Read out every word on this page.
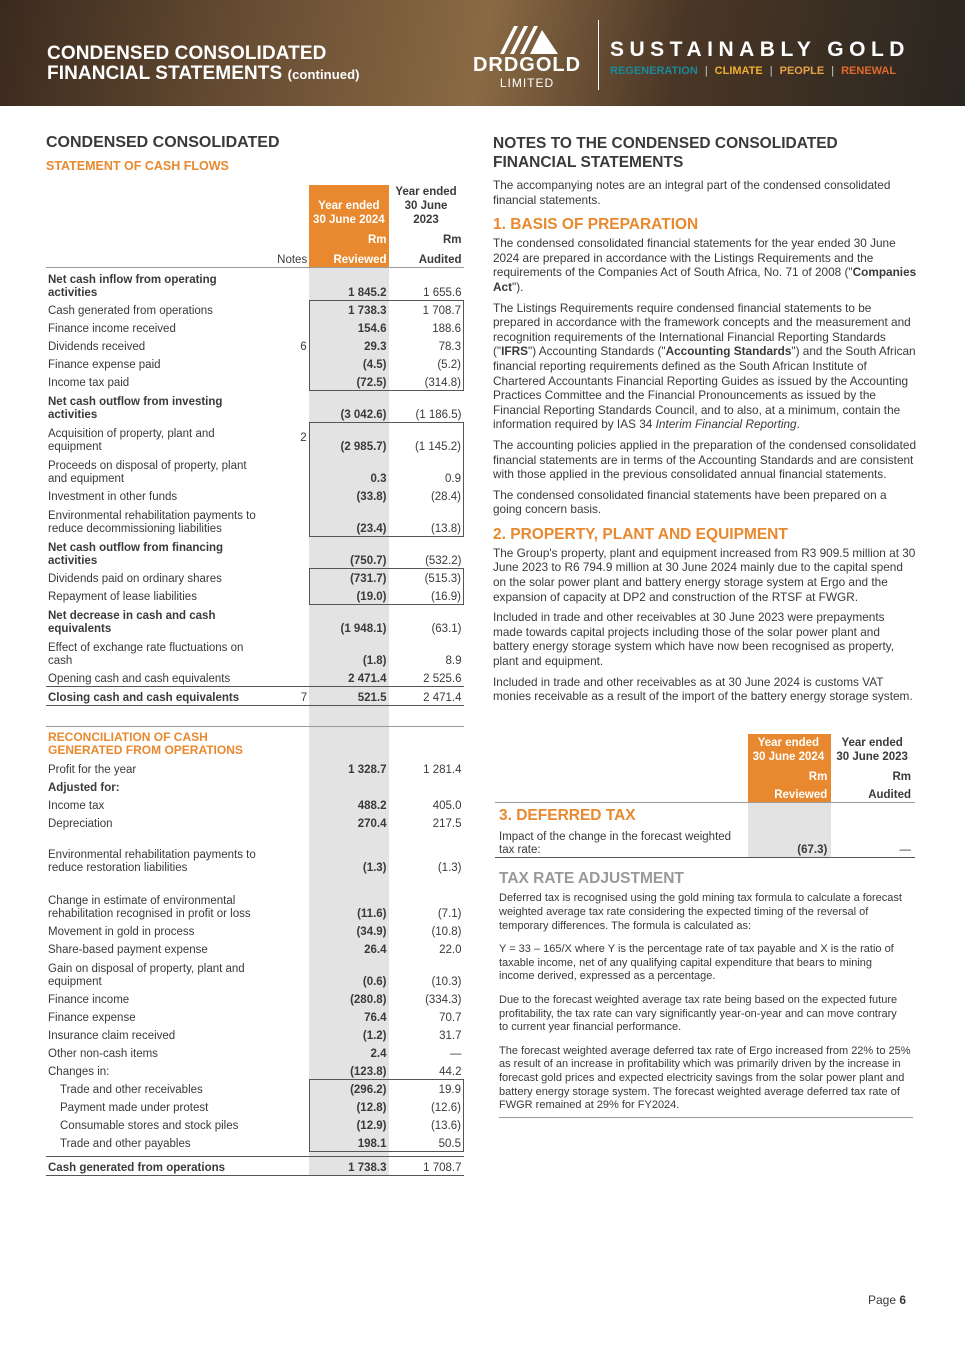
CONDENSED CONSOLIDATED
FINANCIAL STATEMENTS (continued)	DRDGOLD
LIMITED
SUSTAINABLY GOLD
REGENERATION | CLIMATE | PEOPLE | RENEWAL
CONDENSED CONSOLIDATED
STATEMENT OF CASH FLOWS
		Year ended
30 June 2024	Year ended
30 June 2023
		Rm	Rm
	Notes	Reviewed	Audited
Net cash inflow from operating activities		1 845.2	1 655.6
Cash generated from operations		1 738.3	1 708.7
Finance income received		154.6	188.6
Dividends received	6	29.3	78.3
Finance expense paid		(4.5)	(5.2)
Income tax paid		(72.5)	(314.8)
Net cash outflow from investing activities		(3 042.6)	(1 186.5)
Acquisition of property, plant and equipment	2	(2 985.7)	(1 145.2)
Proceeds on disposal of property, plant and equipment		0.3	0.9
Investment in other funds		(33.8)	(28.4)
Environmental rehabilitation payments to reduce decommissioning liabilities		(23.4)	(13.8)
Net cash outflow from financing activities		(750.7)	(532.2)
Dividends paid on ordinary shares		(731.7)	(515.3)
Repayment of lease liabilities		(19.0)	(16.9)
Net decrease in cash and cash equivalents		(1 948.1)	(63.1)
Effect of exchange rate fluctuations on cash		(1.8)	8.9
Opening cash and cash equivalents		2 471.4	2 525.6
Closing cash and cash equivalents	7	521.5	2 471.4

RECONCILIATION OF CASH GENERATED FROM OPERATIONS			

Profit for the year		1 328.7	1 281.4
Adjusted for:			
Income tax		488.2	405.0
Depreciation		270.4	217.5
Environmental rehabilitation payments to reduce restoration liabilities		(1.3)	(1.3)
Change in estimate of environmental rehabilitation recognised in profit or loss		(11.6)	(7.1)
Movement in gold in process		(34.9)	(10.8)
Share-based payment expense		26.4	22.0
Gain on disposal of property, plant and equipment		(0.6)	(10.3)
Finance income		(280.8)	(334.3)
Finance expense		76.4	70.7
Insurance claim received		(1.2)	31.7
Other non-cash items		2.4	—
Changes in:		(123.8)	44.2
Trade and other receivables		(296.2)	19.9
Payment made under protest		(12.8)	(12.6)
Consumable stores and stock piles		(12.9)	(13.6)
Trade and other payables		198.1	50.5

Cash generated from operations		1 738.3	1 708.7
NOTES TO THE CONDENSED CONSOLIDATED
FINANCIAL STATEMENTS

The accompanying notes are an integral part of the condensed consolidated financial statements.

1. BASIS OF PREPARATION

The condensed consolidated financial statements for the year ended 30 June 2024 are prepared in accordance with the Listings Requirements and the requirements of the Companies Act of South Africa, No. 71 of 2008 ("Companies Act").

The Listings Requirements require condensed financial statements to be prepared in accordance with the framework concepts and the measurement and recognition requirements of the International Financial Reporting Standards ("IFRS") Accounting Standards ("Accounting Standards") and the South African financial reporting requirements defined as the South African Institute of Chartered Accountants Financial Reporting Guides as issued by the Accounting Practices Committee and the Financial Pronouncements as issued by the Financial Reporting Standards Council, and to also, at a minimum, contain the information required by IAS 34 Interim Financial Reporting.

The accounting policies applied in the preparation of the condensed consolidated financial statements are in terms of the Accounting Standards and are consistent with those applied in the previous consolidated annual financial statements.

The condensed consolidated financial statements have been prepared on a going concern basis.

2. PROPERTY, PLANT AND EQUIPMENT

The Group's property, plant and equipment increased from R3 909.5 million at 30 June 2023 to R6 794.9 million at 30 June 2024 mainly due to the capital spend on the solar power plant and battery energy storage system at Ergo and the expansion of capacity at DP2 and construction of the RTSF at FWGR.

Included in trade and other receivables at 30 June 2023 were prepayments made towards capital projects including those of the solar power plant and battery energy storage system which have now been recognised as property, plant and equipment.

Included in trade and other receivables as at 30 June 2024 is customs VAT monies receivable as a result of the import of the battery energy storage system.

	Year ended
30 June 2024	Year ended
30 June 2023
	Rm	Rm
	Reviewed	Audited
3. DEFERRED TAX		
Impact of the change in the forecast weighted tax rate:	(67.3)	—
TAX RATE ADJUSTMENT

Deferred tax is recognised using the gold mining tax formula to calculate a forecast weighted average tax rate considering the expected timing of the reversal of temporary differences. The formula is calculated as:

Y = 33 – 165/X where Y is the percentage rate of tax payable and X is the ratio of taxable income, net of any qualifying capital expenditure that bears to mining income derived, expressed as a percentage.

Due to the forecast weighted average tax rate being based on the expected future profitability, the tax rate can vary significantly year-on-year and can move contrary to current year financial performance.

The forecast weighted average deferred tax rate of Ergo increased from 22% to 25% as result of an increase in profitability which was primarily driven by the increase in forecast gold prices and expected electricity savings from the solar power plant and battery energy storage system. The forecast weighted average deferred tax rate of FWGR remained at 29% for FY2024.

Page 6
